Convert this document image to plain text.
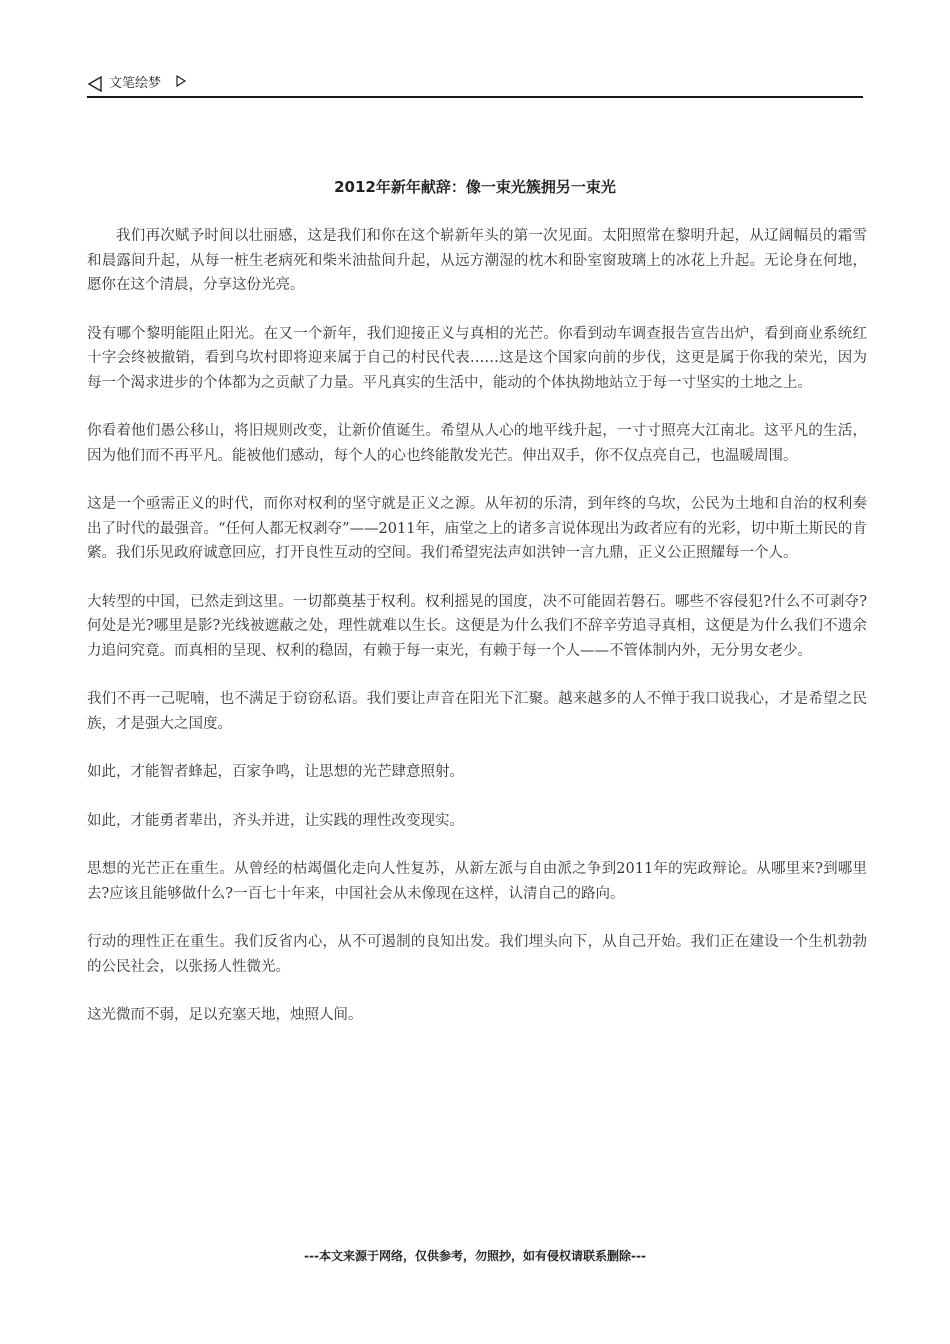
文笔绘梦
2012年新年献辞：像一束光簇拥另一束光

我们再次赋予时间以壮丽感，这是我们和你在这个崭新年头的第一次见面。太阳照常在黎明升起，从辽阔幅员的霜雪和晨露间升起，从每一桩生老病死和柴米油盐间升起，从远方潮湿的枕木和卧室窗玻璃上的冰花上升起。无论身在何地，愿你在这个清晨，分享这份光亮。

没有哪个黎明能阻止阳光。在又一个新年，我们迎接正义与真相的光芒。你看到动车调查报告宣告出炉，看到商业系统红十字会终被撤销，看到乌坎村即将迎来属于自己的村民代表……这是这个国家向前的步伐，这更是属于你我的荣光，因为每一个渴求进步的个体都为之贡献了力量。平凡真实的生活中，能动的个体执拗地站立于每一寸坚实的土地之上。

你看着他们愚公移山，将旧规则改变，让新价值诞生。希望从人心的地平线升起，一寸寸照亮大江南北。这平凡的生活，因为他们而不再平凡。能被他们感动，每个人的心也终能散发光芒。伸出双手，你不仅点亮自己，也温暖周围。

这是一个亟需正义的时代，而你对权利的坚守就是正义之源。从年初的乐清，到年终的乌坎，公民为土地和自治的权利奏出了时代的最强音。“任何人都无权剥夺”——2011年，庙堂之上的诸多言说体现出为政者应有的光彩，切中斯土斯民的肯綮。我们乐见政府诚意回应，打开良性互动的空间。我们希望宪法声如洪钟一言九鼎，正义公正照耀每一个人。

大转型的中国，已然走到这里。一切都奠基于权利。权利摇晃的国度，决不可能固若磐石。哪些不容侵犯?什么不可剥夺?何处是光?哪里是影?光线被遮蔽之处，理性就难以生长。这便是为什么我们不辞辛劳追寻真相，这便是为什么我们不遗余力追问究竟。而真相的呈现、权利的稳固，有赖于每一束光，有赖于每一个人——不管体制内外，无分男女老少。

我们不再一己呢喃，也不满足于窃窃私语。我们要让声音在阳光下汇聚。越来越多的人不惮于我口说我心，才是希望之民族，才是强大之国度。

如此，才能智者蜂起，百家争鸣，让思想的光芒肆意照射。

如此，才能勇者辈出，齐头并进，让实践的理性改变现实。

思想的光芒正在重生。从曾经的枯竭僵化走向人性复苏，从新左派与自由派之争到2011年的宪政辩论。从哪里来?到哪里去?应该且能够做什么?一百七十年来，中国社会从未像现在这样，认清自己的路向。

行动的理性正在重生。我们反省内心，从不可遏制的良知出发。我们埋头向下，从自己开始。我们正在建设一个生机勃勃的公民社会，以张扬人性微光。

这光微而不弱，足以充塞天地，烛照人间。

---本文来源于网络，仅供参考，勿照抄，如有侵权请联系删除---
